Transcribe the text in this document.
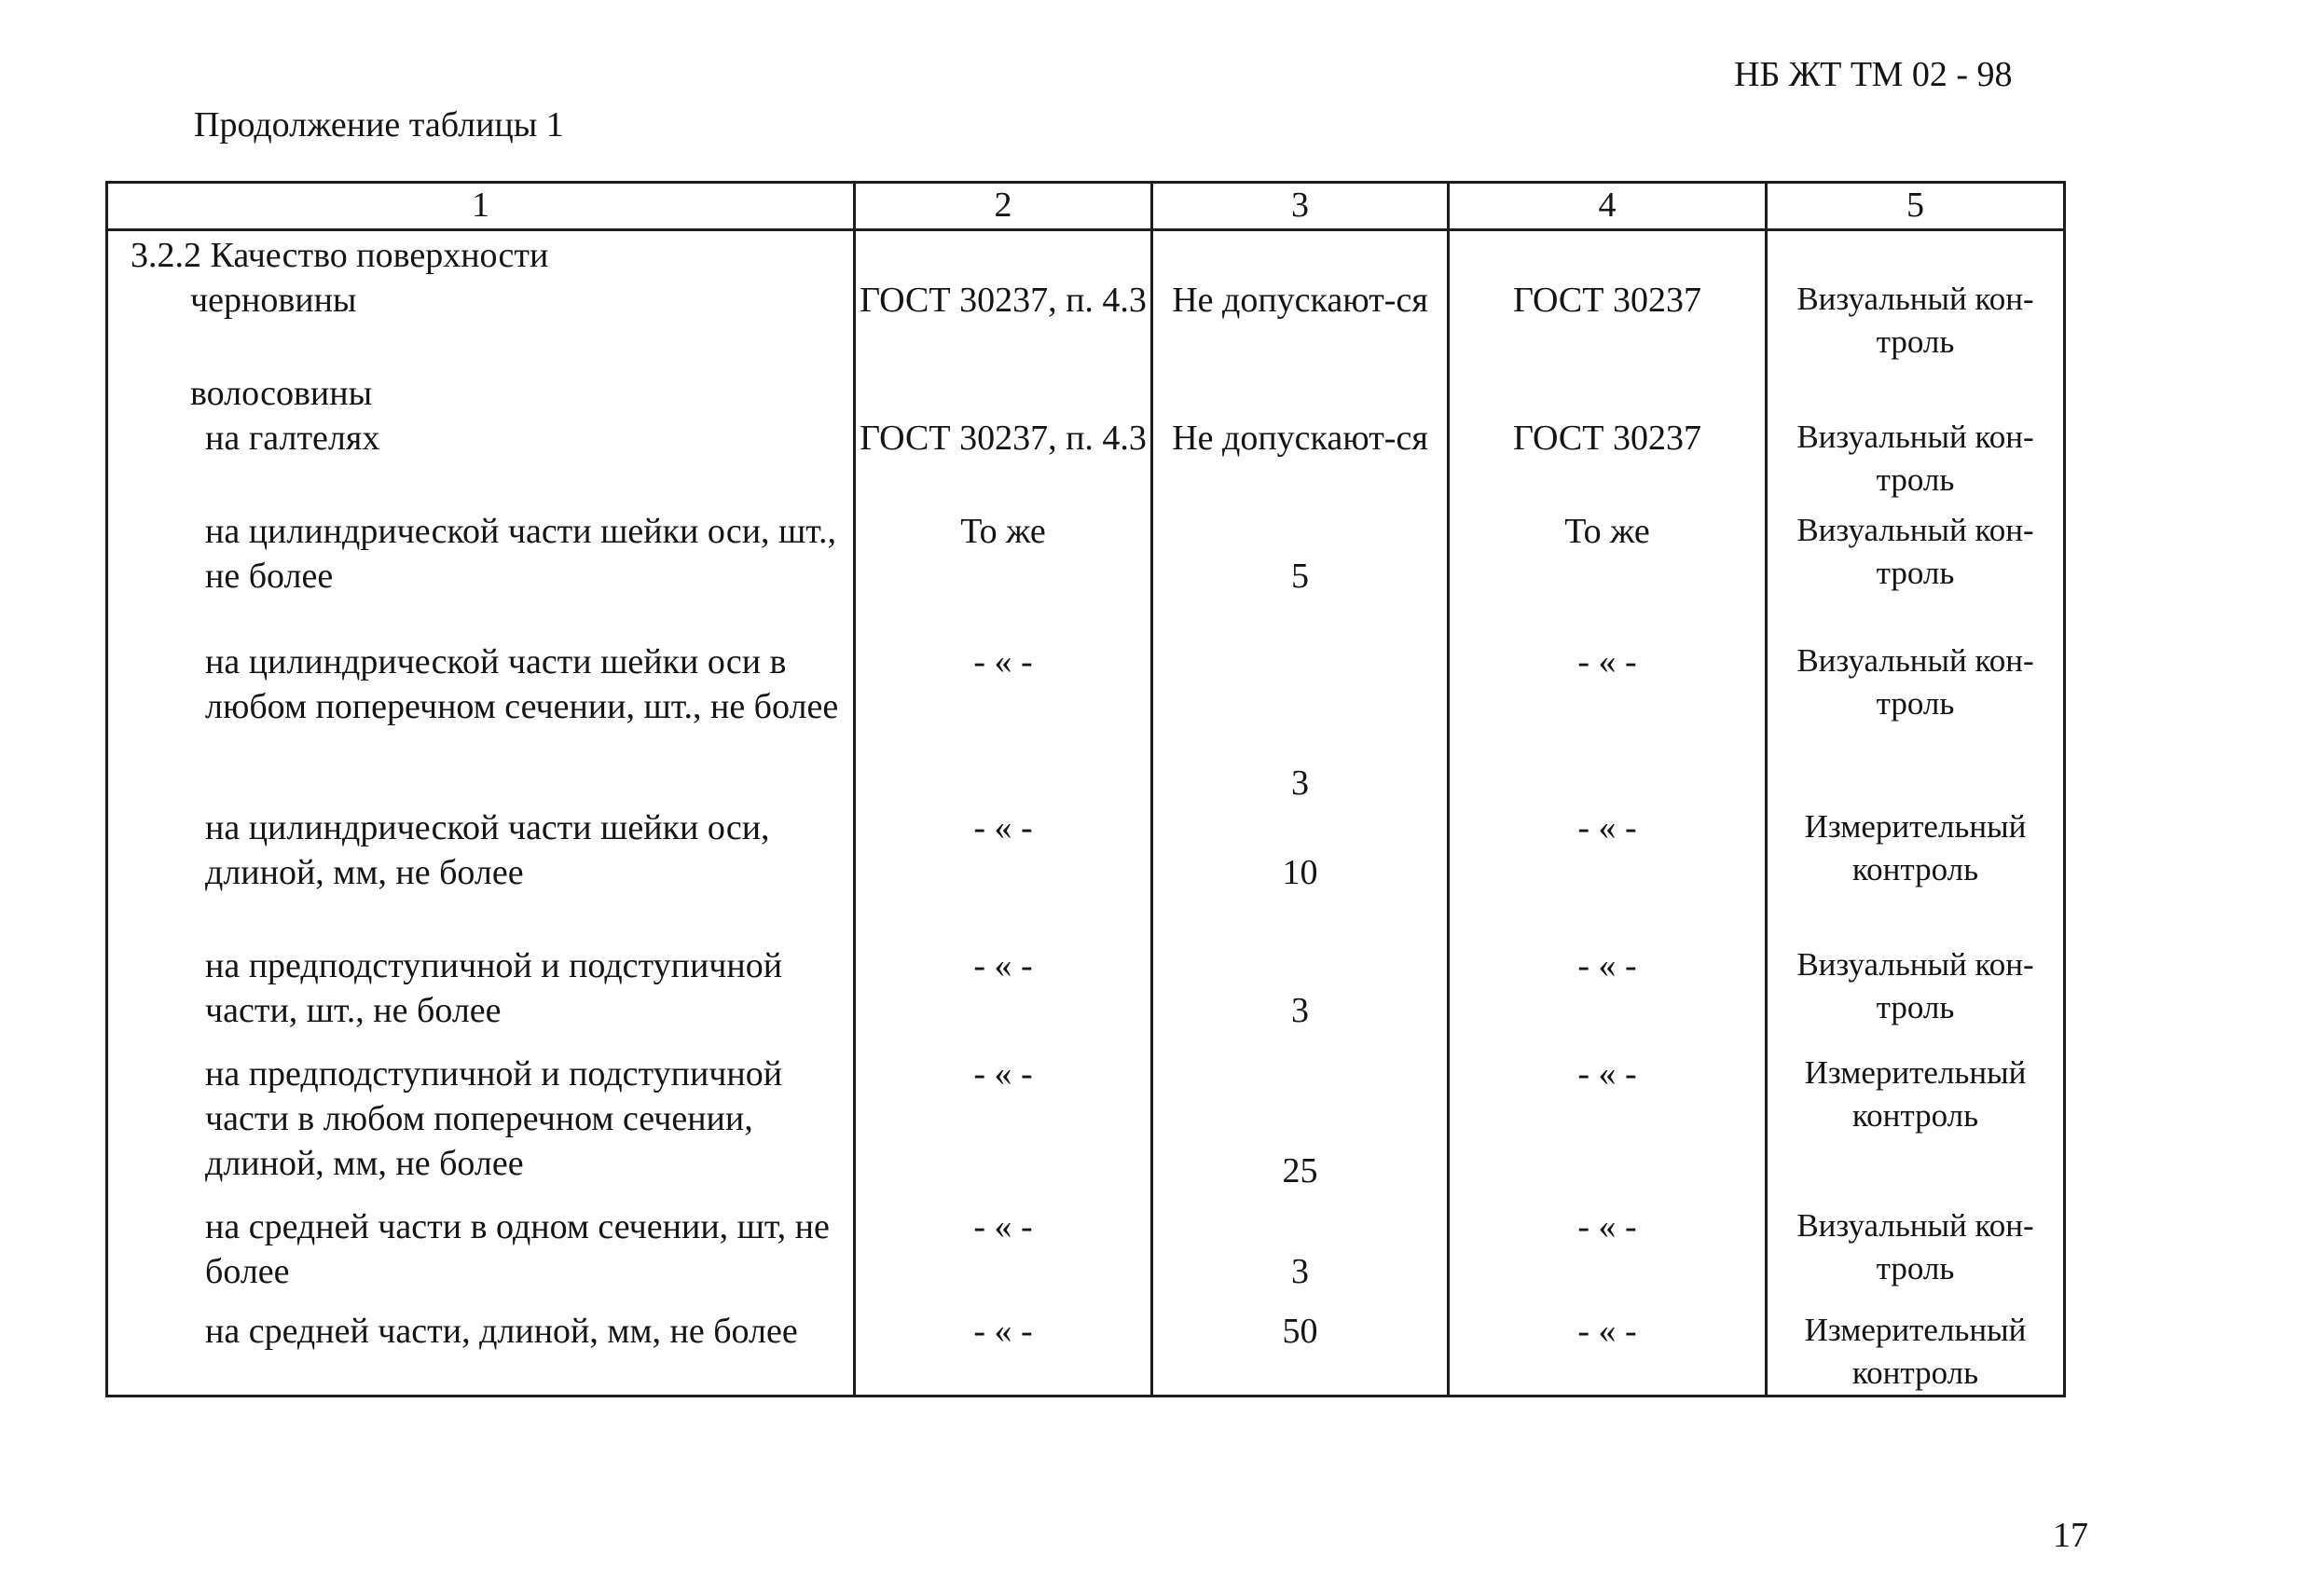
НБ ЖТ ТМ 02 - 98
Продолжение таблицы 1
1	2	3	4	5

3.2.2 Качество поверхности				

черновины	ГОСТ 30237, п. 4.3	Не допускают-ся	ГОСТ 30237	Визуальный кон-троль

волосовины				

на галтелях	ГОСТ 30237, п. 4.3	Не допускают-ся	ГОСТ 30237	Визуальный кон-троль

на цилиндрической части шейки оси, шт., не более	То же	5	То же	Визуальный кон-троль

на цилиндрической части шейки оси в любом поперечном сечении, шт., не более	- « -	3	- « -	Визуальный кон-троль

на цилиндрической части шейки оси, длиной, мм, не более	- « -	10	- « -	Измерительный контроль

на предподступичной и подступичной части, шт., не более	- « -	3	- « -	Визуальный кон-троль

на предподступичной и подступичной части в любом поперечном сечении, длиной, мм, не более	- « -	25	- « -	Измерительный контроль

на средней части в одном сечении, шт, не более	- « -	3	- « -	Визуальный кон-троль

на средней части, длиной, мм, не более	- « -	50	- « -	Измерительный контроль
17
